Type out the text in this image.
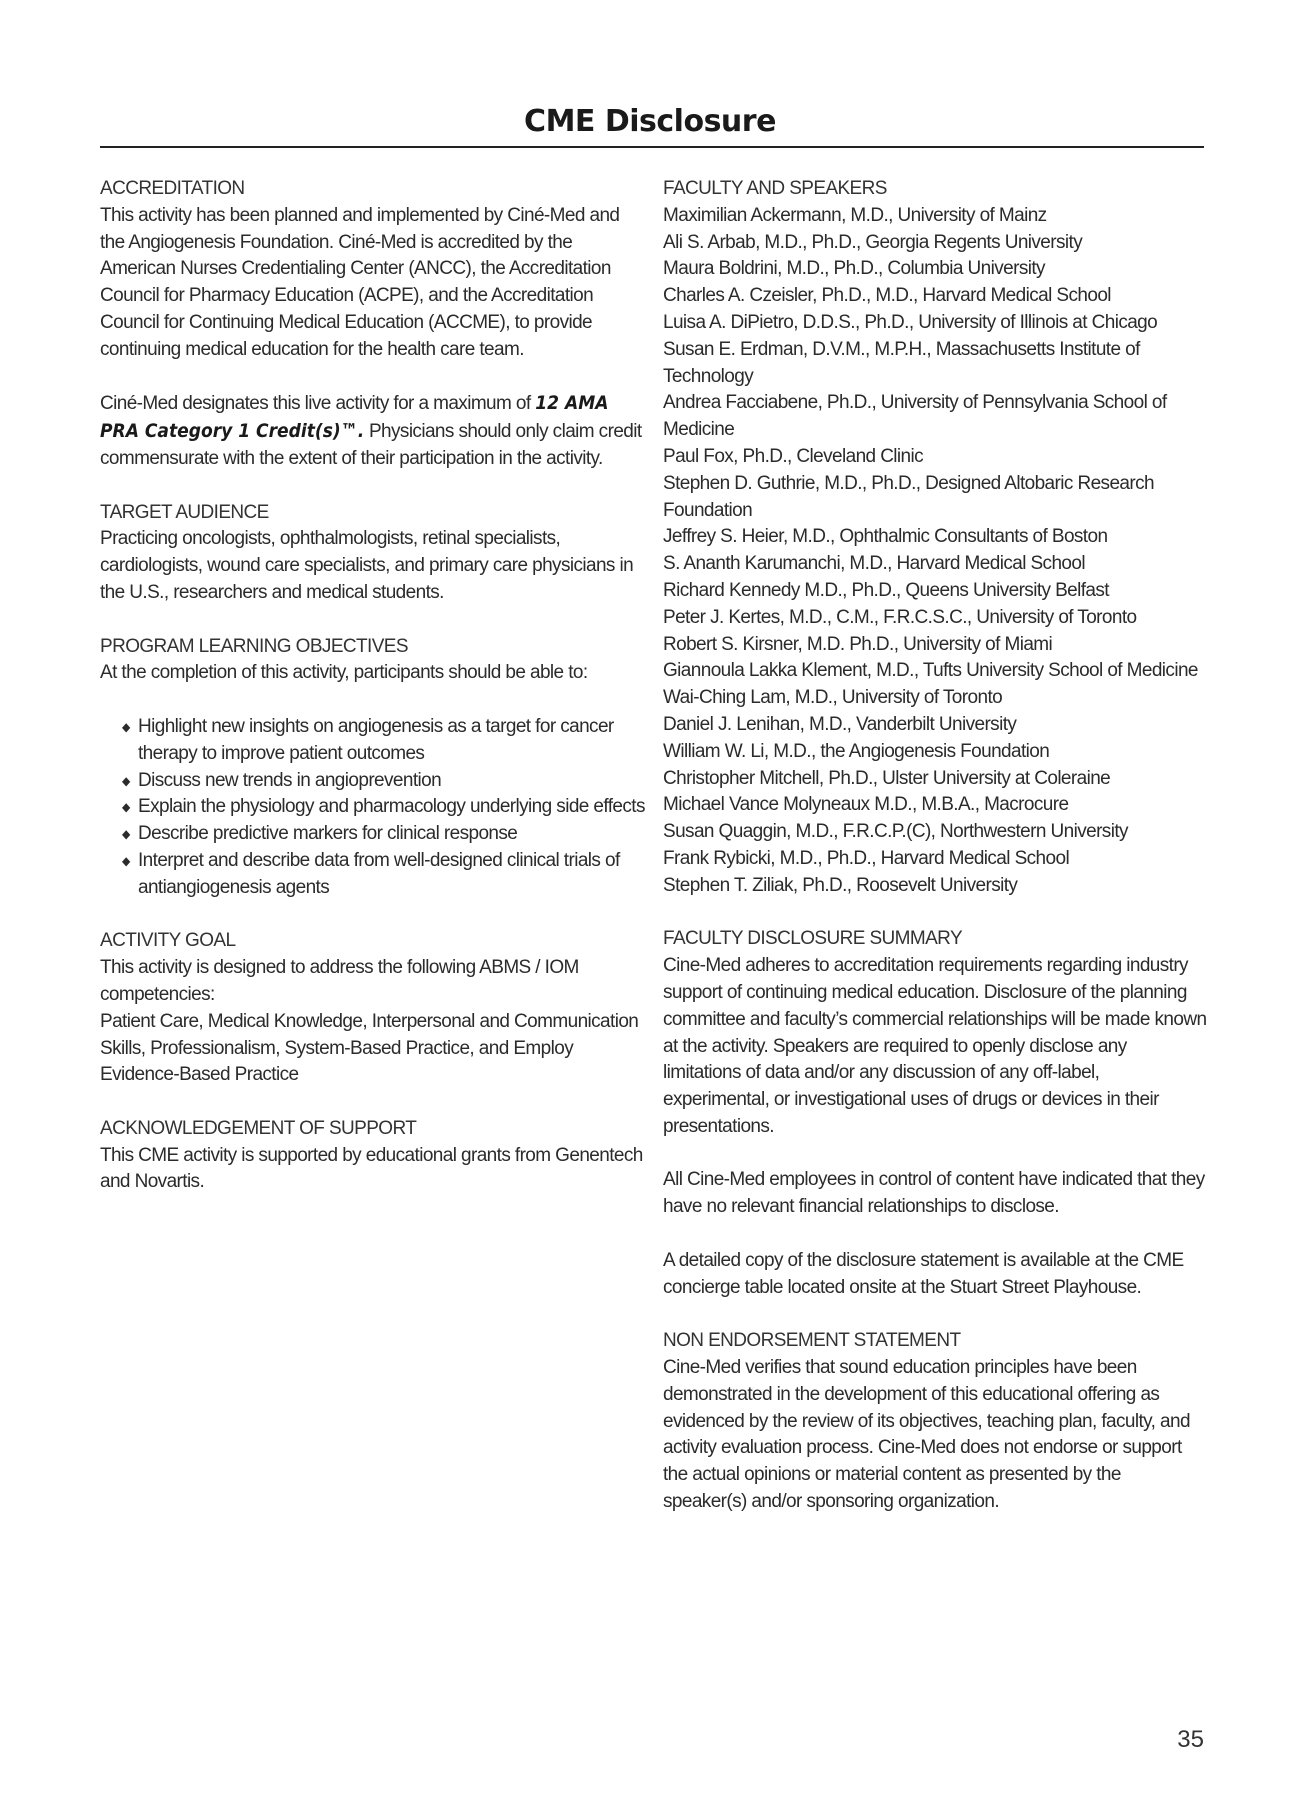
CME Disclosure
ACCREDITATION

This activity has been planned and implemented by Ciné-Med and the Angiogenesis Foundation. Ciné-Med is accredited by the American Nurses Credentialing Center (ANCC), the Accreditation Council for Pharmacy Education (ACPE), and the Accreditation Council for Continuing Medical Education (ACCME), to provide continuing medical education for the health care team.

Ciné-Med designates this live activity for a maximum of 12 AMA PRA Category 1 Credit(s)™. Physicians should only claim credit commensurate with the extent of their participation in the activity.

TARGET AUDIENCE

Practicing oncologists, ophthalmologists, retinal specialists, cardiologists, wound care specialists, and primary care physicians in the U.S., researchers and medical students.

PROGRAM LEARNING OBJECTIVES

At the completion of this activity, participants should be able to:

◆ Highlight new insights on angiogenesis as a target for cancer therapy to improve patient outcomes
◆ Discuss new trends in angioprevention
◆ Explain the physiology and pharmacology underlying side effects
◆ Describe predictive markers for clinical response
◆ Interpret and describe data from well-designed clinical trials of antiangiogenesis agents
ACTIVITY GOAL
This activity is designed to address the following ABMS / IOM competencies:
Patient Care, Medical Knowledge, Interpersonal and Communication Skills, Professionalism, System-Based Practice, and Employ Evidence-Based Practice
ACKNOWLEDGEMENT OF SUPPORT

This CME activity is supported by educational grants from Genentech and Novartis.

FACULTY AND SPEAKERS
Maximilian Ackermann, M.D., University of Mainz
Ali S. Arbab, M.D., Ph.D., Georgia Regents University
Maura Boldrini, M.D., Ph.D., Columbia University
Charles A. Czeisler, Ph.D., M.D., Harvard Medical School
Luisa A. DiPietro, D.D.S., Ph.D., University of Illinois at Chicago
Susan E. Erdman, D.V.M., M.P.H., Massachusetts Institute of Technology
Andrea Facciabene, Ph.D., University of Pennsylvania School of Medicine
Paul Fox, Ph.D., Cleveland Clinic
Stephen D. Guthrie, M.D., Ph.D., Designed Altobaric Research Foundation
Jeffrey S. Heier, M.D., Ophthalmic Consultants of Boston
S. Ananth Karumanchi, M.D., Harvard Medical School
Richard Kennedy M.D., Ph.D., Queens University Belfast
Peter J. Kertes, M.D., C.M., F.R.C.S.C., University of Toronto
Robert S. Kirsner, M.D. Ph.D., University of Miami
Giannoula Lakka Klement, M.D., Tufts University School of Medicine
Wai-Ching Lam, M.D., University of Toronto
Daniel J. Lenihan, M.D., Vanderbilt University
William W. Li, M.D., the Angiogenesis Foundation
Christopher Mitchell, Ph.D., Ulster University at Coleraine
Michael Vance Molyneaux M.D., M.B.A., Macrocure
Susan Quaggin, M.D., F.R.C.P.(C), Northwestern University
Frank Rybicki, M.D., Ph.D., Harvard Medical School
Stephen T. Ziliak, Ph.D., Roosevelt University
FACULTY DISCLOSURE SUMMARY

Cine-Med adheres to accreditation requirements regarding industry support of continuing medical education. Disclosure of the planning committee and faculty’s commercial relationships will be made known at the activity. Speakers are required to openly disclose any limitations of data and/or any discussion of any off-label, experimental, or investigational uses of drugs or devices in their presentations.

All Cine-Med employees in control of content have indicated that they have no relevant financial relationships to disclose.

A detailed copy of the disclosure statement is available at the CME concierge table located onsite at the Stuart Street Playhouse.

NON ENDORSEMENT STATEMENT

Cine-Med verifies that sound education principles have been demonstrated in the development of this educational offering as evidenced by the review of its objectives, teaching plan, faculty, and activity evaluation process. Cine-Med does not endorse or support the actual opinions or material content as presented by the speaker(s) and/or sponsoring organization.

35
